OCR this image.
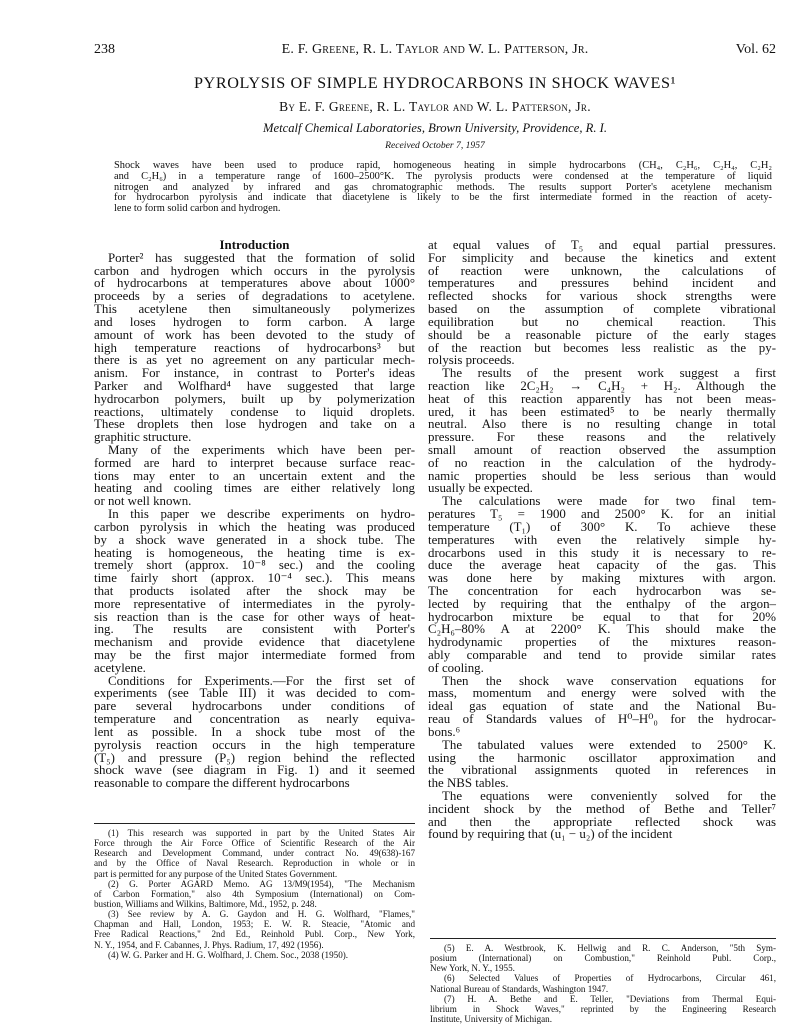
238	E. F. Greene, R. L. Taylor and W. L. Patterson, Jr.	Vol. 62
PYROLYSIS OF SIMPLE HYDROCARBONS IN SHOCK WAVES¹
By E. F. Greene, R. L. Taylor and W. L. Patterson, Jr.
Metcalf Chemical Laboratories, Brown University, Providence, R. I.
Received October 7, 1957
Shock waves have been used to produce rapid, homogeneous heating in simple hydrocarbons (CH₄, C₂H₆, C₂H₄, C₂H₂
and C₂H₆) in a temperature range of 1600–2500°K. The pyrolysis products were condensed at the temperature of liquid
nitrogen and analyzed by infrared and gas chromatographic methods. The results support Porter's acetylene mechanism
for hydrocarbon pyrolysis and indicate that diacetylene is likely to be the first intermediate formed in the reaction of acety-
lene to form solid carbon and hydrogen.
Introduction
Porter² has suggested that the formation of solid
carbon and hydrogen which occurs in the pyrolysis
of hydrocarbons at temperatures above about 1000°
proceeds by a series of degradations to acetylene.
This acetylene then simultaneously polymerizes
and loses hydrogen to form carbon. A large
amount of work has been devoted to the study of
high temperature reactions of hydrocarbons³ but
there is as yet no agreement on any particular mech-
anism. For instance, in contrast to Porter's ideas
Parker and Wolfhard⁴ have suggested that large
hydrocarbon polymers, built up by polymerization
reactions, ultimately condense to liquid droplets.
These droplets then lose hydrogen and take on a
graphitic structure.
Many of the experiments which have been per-
formed are hard to interpret because surface reac-
tions may enter to an uncertain extent and the
heating and cooling times are either relatively long
or not well known.
In this paper we describe experiments on hydro-
carbon pyrolysis in which the heating was produced
by a shock wave generated in a shock tube. The
heating is homogeneous, the heating time is ex-
tremely short (approx. 10⁻⁸ sec.) and the cooling
time fairly short (approx. 10⁻⁴ sec.). This means
that products isolated after the shock may be
more representative of intermediates in the pyroly-
sis reaction than is the case for other ways of heat-
ing. The results are consistent with Porter's
mechanism and provide evidence that diacetylene
may be the first major intermediate formed from
acetylene.
Conditions for Experiments.—For the first set of
experiments (see Table III) it was decided to com-
pare several hydrocarbons under conditions of
temperature and concentration as nearly equiva-
lent as possible. In a shock tube most of the
pyrolysis reaction occurs in the high temperature
(T₅) and pressure (P₅) region behind the reflected
shock wave (see diagram in Fig. 1) and it seemed
reasonable to compare the different hydrocarbons
at equal values of T₅ and equal partial pressures.
For simplicity and because the kinetics and extent
of reaction were unknown, the calculations of
temperatures and pressures behind incident and
reflected shocks for various shock strengths were
based on the assumption of complete vibrational
equilibration but no chemical reaction. This
should be a reasonable picture of the early stages
of the reaction but becomes less realistic as the py-
rolysis proceeds.
The results of the present work suggest a first
reaction like 2C₂H₂ → C₄H₂ + H₂. Although the
heat of this reaction apparently has not been meas-
ured, it has been estimated⁵ to be nearly thermally
neutral. Also there is no resulting change in total
pressure. For these reasons and the relatively
small amount of reaction observed the assumption
of no reaction in the calculation of the hydrody-
namic properties should be less serious than would
usually be expected.
The calculations were made for two final tem-
peratures T₅ = 1900 and 2500° K. for an initial
temperature (T₁) of 300° K. To achieve these
temperatures with even the relatively simple hy-
drocarbons used in this study it is necessary to re-
duce the average heat capacity of the gas. This
was done here by making mixtures with argon.
The concentration for each hydrocarbon was se-
lected by requiring that the enthalpy of the argon–
hydrocarbon mixture be equal to that for 20%
C₂H₆–80% A at 2200° K. This should make the
hydrodynamic properties of the mixtures reason-
ably comparable and tend to provide similar rates
of cooling.
Then the shock wave conservation equations for
mass, momentum and energy were solved with the
ideal gas equation of state and the National Bu-
reau of Standards values of H⁰–H⁰₀ for the hydrocar-
bons.⁶
The tabulated values were extended to 2500° K.
using the harmonic oscillator approximation and
the vibrational assignments quoted in references in
the NBS tables.
The equations were conveniently solved for the
incident shock by the method of Bethe and Teller⁷
and then the appropriate reflected shock was
found by requiring that (u₁ − u₂) of the incident
(1) This research was supported in part by the United States Air
Force through the Air Force Office of Scientific Research of the Air
Research and Development Command, under contract No. 49(638)-167
and by the Office of Naval Research. Reproduction in whole or in
part is permitted for any purpose of the United States Government.
(2) G. Porter AGARD Memo. AG 13/M9(1954), "The Mechanism
of Carbon Formation," also 4th Symposium (International) on Com-
bustion, Williams and Wilkins, Baltimore, Md., 1952, p. 248.
(3) See review by A. G. Gaydon and H. G. Wolfhard, "Flames,"
Chapman and Hall, London, 1953; E. W. R. Steacie, "Atomic and
Free Radical Reactions," 2nd Ed., Reinhold Publ. Corp., New York,
N. Y., 1954, and F. Cabannes, J. Phys. Radium, 17, 492 (1956).
(4) W. G. Parker and H. G. Wolfhard, J. Chem. Soc., 2038 (1950).
(5) E. A. Westbrook, K. Hellwig and R. C. Anderson, "5th Sym-
posium (International) on Combustion," Reinhold Publ. Corp.,
New York, N. Y., 1955.
(6) Selected Values of Properties of Hydrocarbons, Circular 461,
National Bureau of Standards, Washington 1947.
(7) H. A. Bethe and E. Teller, "Deviations from Thermal Equi-
librium in Shock Waves," reprinted by the Engineering Research
Institute, University of Michigan.
